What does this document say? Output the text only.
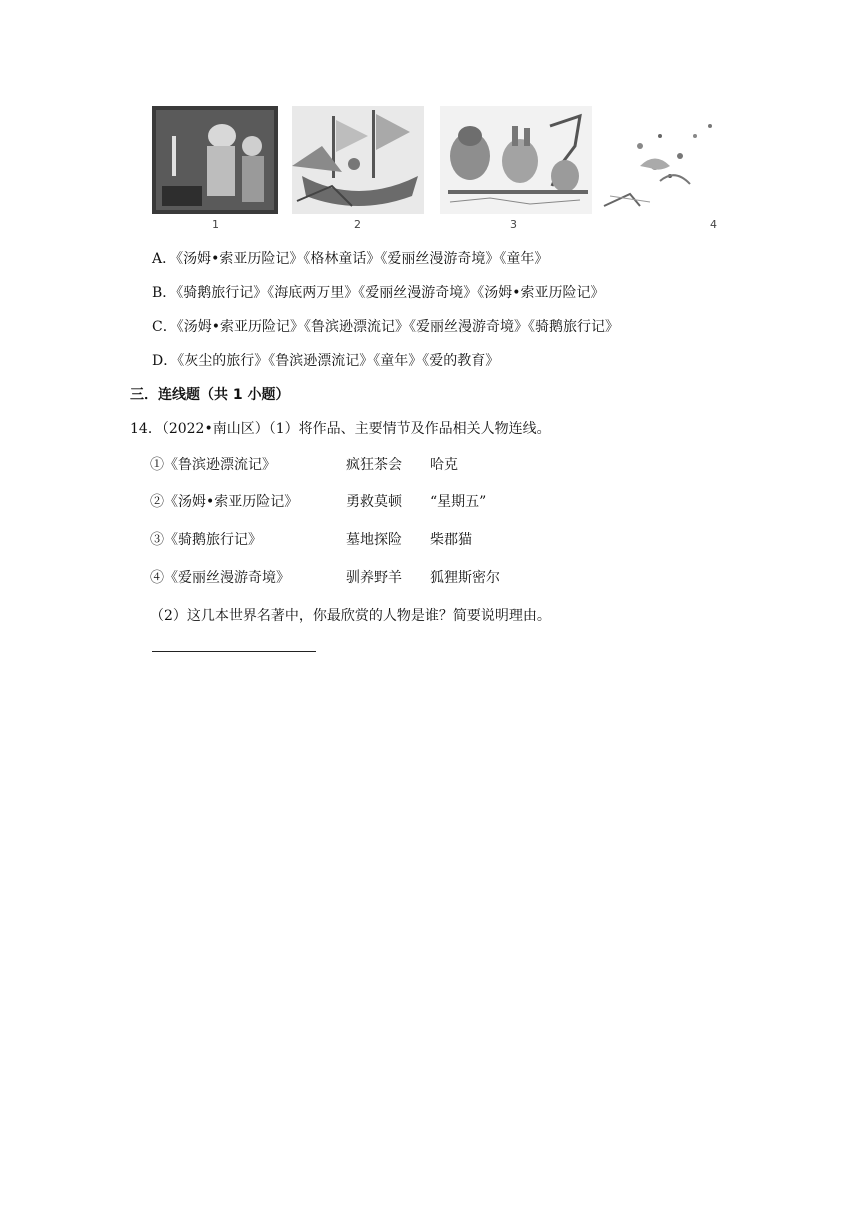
1	2	3	4
A．《汤姆•索亚历险记》《格林童话》《爱丽丝漫游奇境》《童年》
B．《骑鹅旅行记》《海底两万里》《爱丽丝漫游奇境》《汤姆•索亚历险记》
C．《汤姆•索亚历险记》《鲁滨逊漂流记》《爱丽丝漫游奇境》《骑鹅旅行记》
D．《灰尘的旅行》《鲁滨逊漂流记》《童年》《爱的教育》
三．连线题（共 1 小题）
14．（2022•南山区）（1）将作品、主要情节及作品相关人物连线。
①《鲁滨逊漂流记》	疯狂茶会 哈克
②《汤姆•索亚历险记》	勇救莫顿 “星期五”
③《骑鹅旅行记》	墓地探险 柴郡猫
④《爱丽丝漫游奇境》	驯养野羊 狐狸斯密尔
（2）这几本世界名著中，你最欣赏的人物是谁？简要说明理由。
